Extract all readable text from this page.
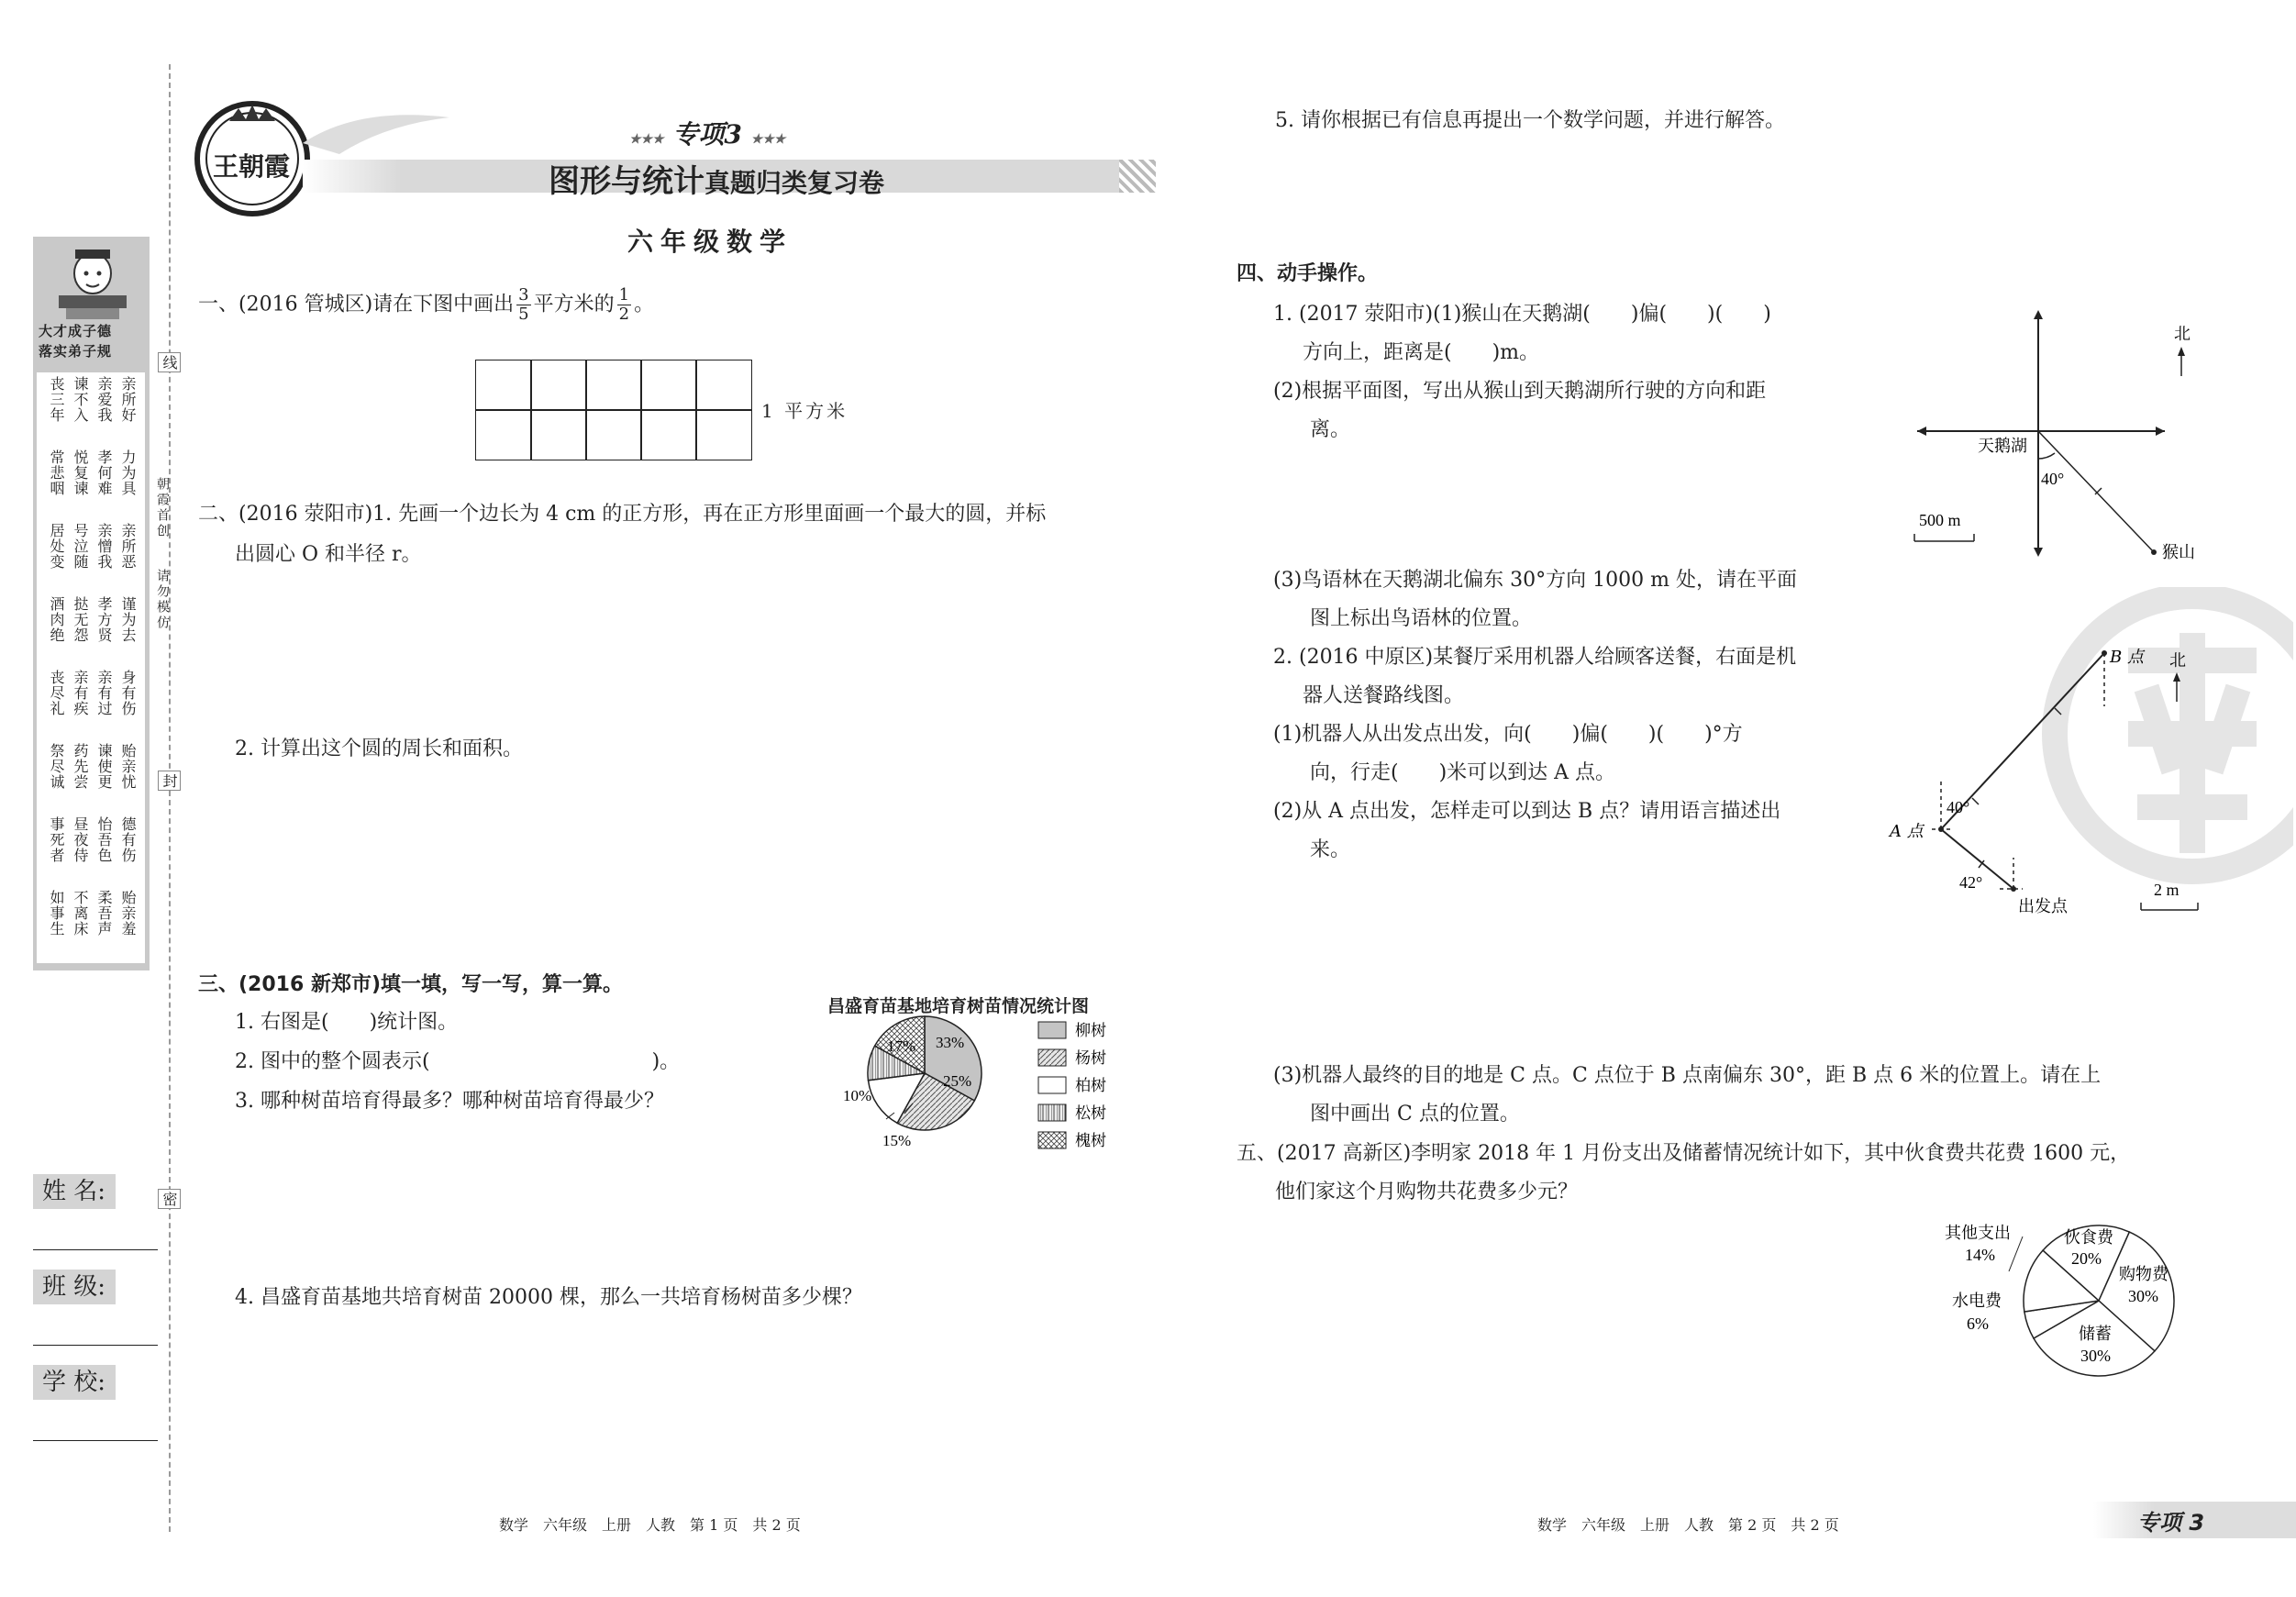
大才成子德
落实弟子规
丧三年 谏不入 亲爱我 亲所好
常悲咽 悦复谏 孝何难 力为具
居处变 号泣随 亲憎我 亲所恶
酒肉绝 挞无怨 孝方贤 谨为去
丧尽礼 亲有疾 亲有过 身有伤
祭尽诚 药先尝 谏使更 贻亲忧
事死者 昼夜侍 怡吾色 德有伤
如事生 不离床 柔吾声 贻亲羞
线
封
密
朝霞首创
请勿模仿
姓 名:
班 级:
学 校:
王朝霞
★★★ 专项3 ★★★
图形与统计真题归类复习卷
六年级数学
一、(2016 管城区)请在下图中画出 $\frac{3}{5}$ 平方米的 $\frac{1}{2}$ 。
1 平方米
二、(2016 荥阳市)1. 先画一个边长为 4 cm 的正方形，再在正方形里面画一个最大的圆，并标
出圆心 O 和半径 r。
2. 计算出这个圆的周长和面积。
三、(2016 新郑市)填一填，写一写，算一算。
1. 右图是(　　)统计图。
2. 图中的整个圆表示(　　　　　　　　　　　)。
3. 哪种树苗培育得最多？哪种树苗培育得最少？
4. 昌盛育苗基地共培育树苗 20000 棵，那么一共培育杨树苗多少棵？
昌盛育苗基地培育树苗情况统计图
17% 33%
25%
10%
15%
柳树
杨树
柏树
松树
槐树
5. 请你根据已有信息再提出一个数学问题，并进行解答。
四、动手操作。
1. (2017 荥阳市)(1)猴山在天鹅湖(　　)偏(　　)(　　)
方向上，距离是(　　)m。
(2)根据平面图，写出从猴山到天鹅湖所行驶的方向和距
离。
(3)鸟语林在天鹅湖北偏东 30°方向 1000 m 处，请在平面
图上标出鸟语林的位置。
2. (2016 中原区)某餐厅采用机器人给顾客送餐，右面是机
器人送餐路线图。
(1)机器人从出发点出发，向(　　)偏(　　)(　　)°方
向，行走(　　)米可以到达 A 点。
(2)从 A 点出发，怎样走可以到达 B 点？请用语言描述出
来。
(3)机器人最终的目的地是 C 点。C 点位于 B 点南偏东 30°，距 B 点 6 米的位置上。请在上
图中画出 C 点的位置。
北
天鹅湖
40°
500 m
猴山
北
B 点
A 点
40°
42°
出发点
2 m
五、(2017 高新区)李明家 2018 年 1 月份支出及储蓄情况统计如下，其中伙食费共花费 1600 元，
他们家这个月购物共花费多少元？
其他支出
14%
伙食费
20%
购物费
30%
水电费
6%
储蓄
30%
数学　六年级　上册　人教　第 1 页　共 2 页	数学　六年级　上册　人教　第 2 页　共 2 页	专项 3
